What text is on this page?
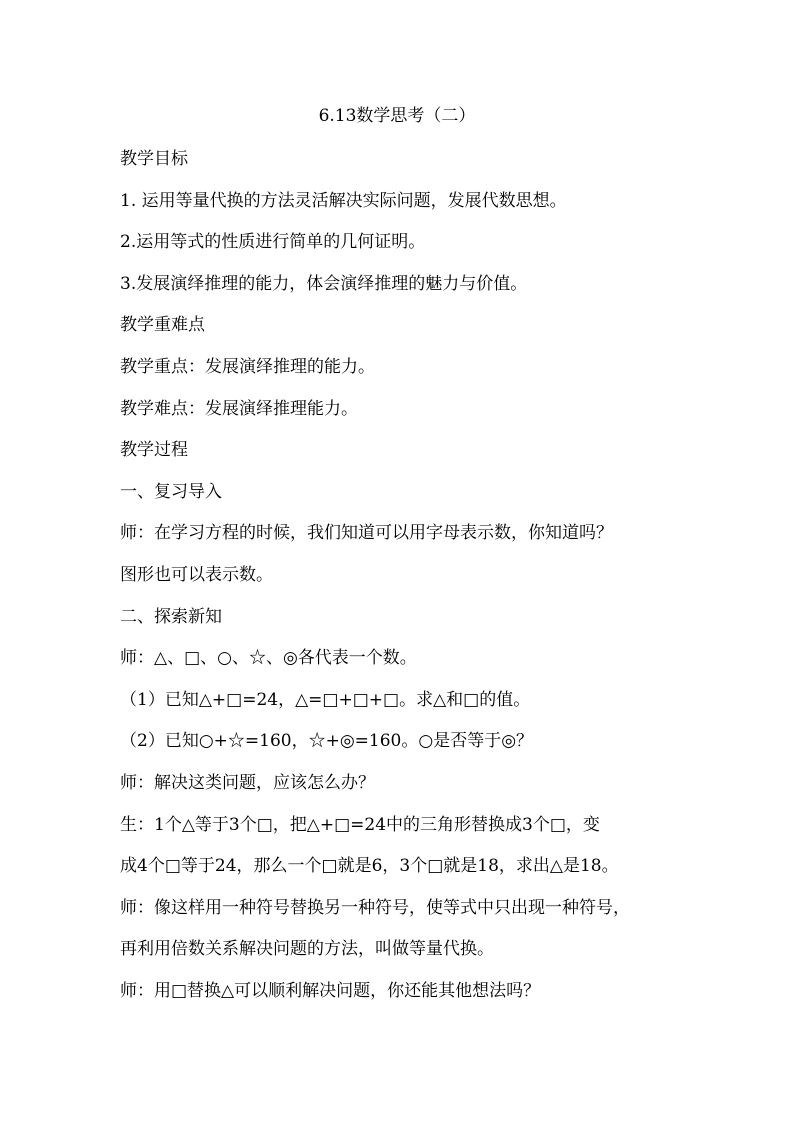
6.13数学思考（二）
教学目标
1. 运用等量代换的方法灵活解决实际问题，发展代数思想。
2.运用等式的性质进行简单的几何证明。
3.发展演绎推理的能力，体会演绎推理的魅力与价值。
教学重难点
教学重点：发展演绎推理的能力。
教学难点：发展演绎推理能力。
教学过程
一、复习导入
师：在学习方程的时候，我们知道可以用字母表示数，你知道吗？
图形也可以表示数。
二、探索新知
师：△、□、○、☆、◎各代表一个数。
（1）已知△+□=24，△=□+□+□。求△和□的值。
（2）已知○+☆=160，☆+◎=160。○是否等于◎？
师：解决这类问题，应该怎么办？
生：1个△等于3个□，把△+□=24中的三角形替换成3个□，变
成4个□等于24，那么一个□就是6，3个□就是18，求出△是18。
师：像这样用一种符号替换另一种符号，使等式中只出现一种符号，
再利用倍数关系解决问题的方法，叫做等量代换。
师：用□替换△可以顺利解决问题，你还能其他想法吗？
